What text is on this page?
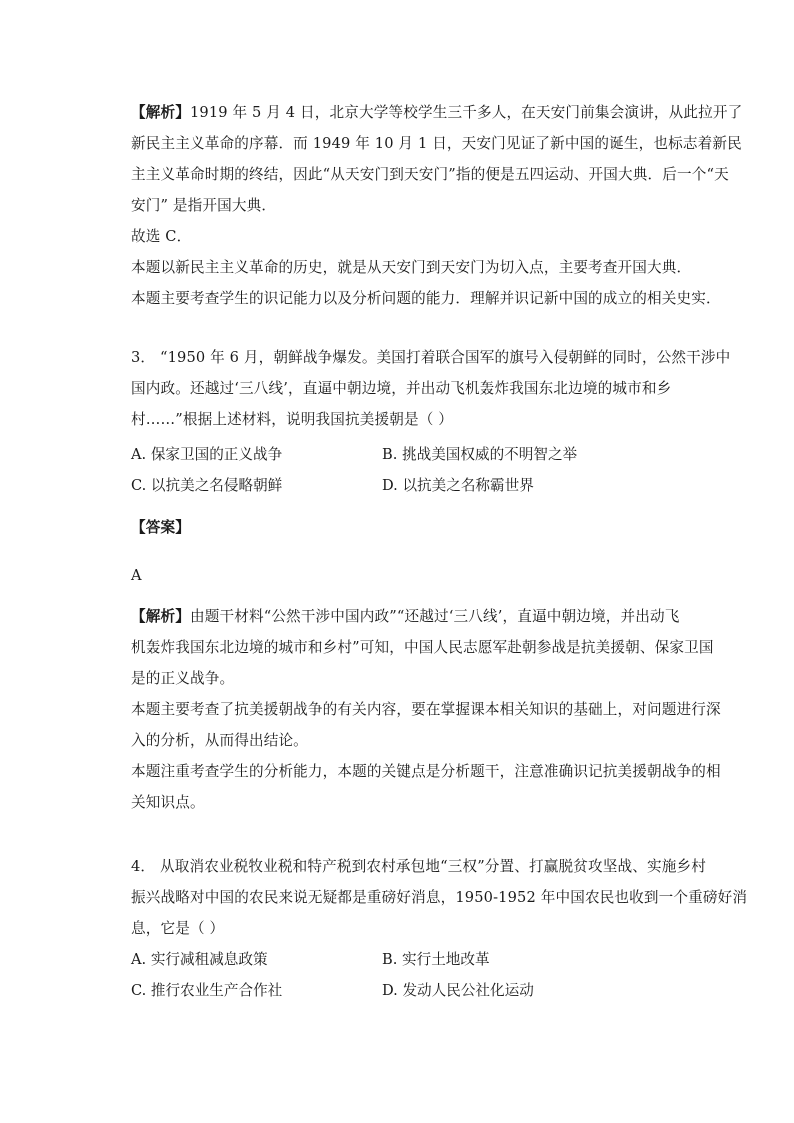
【解析】1919 年 5 月 4 日，北京大学等校学生三千多人，在天安门前集会演讲，从此拉开了
新民主主义革命的序幕．而 1949 年 10 月 1 日，天安门见证了新中国的诞生，也标志着新民
主主义革命时期的终结，因此“从天安门到天安门”指的便是五四运动、开国大典．后一个“天
安门” 是指开国大典．
故选 C．
本题以新民主主义革命的历史，就是从天安门到天安门为切入点，主要考查开国大典．
本题主要考查学生的识记能力以及分析问题的能力．理解并识记新中国的成立的相关史实．
3． “1950 年 6 月，朝鲜战争爆发。美国打着联合国军的旗号入侵朝鲜的同时，公然干涉中
国内政。还越过‘三八线’，直逼中朝边境，并出动飞机轰炸我国东北边境的城市和乡
村……”根据上述材料，说明我国抗美援朝是（ ）
A. 保家卫国的正义战争	B. 挑战美国权威的不明智之举
C. 以抗美之名侵略朝鲜	D. 以抗美之名称霸世界
【答案】
A
【解析】由题干材料“公然干涉中国内政”“还越过‘三八线’，直逼中朝边境，并出动飞
机轰炸我国东北边境的城市和乡村”可知，中国人民志愿军赴朝参战是抗美援朝、保家卫国
是的正义战争。
本题主要考查了抗美援朝战争的有关内容，要在掌握课本相关知识的基础上，对问题进行深
入的分析，从而得出结论。
本题注重考查学生的分析能力，本题的关键点是分析题干，注意准确识记抗美援朝战争的相
关知识点。
4． 从取消农业税牧业税和特产税到农村承包地“三权”分置、打赢脱贫攻坚战、实施乡村
振兴战略对中国的农民来说无疑都是重磅好消息，1950-1952 年中国农民也收到一个重磅好消
息，它是（ ）
A. 实行减租减息政策	B. 实行土地改革
C. 推行农业生产合作社	D. 发动人民公社化运动
